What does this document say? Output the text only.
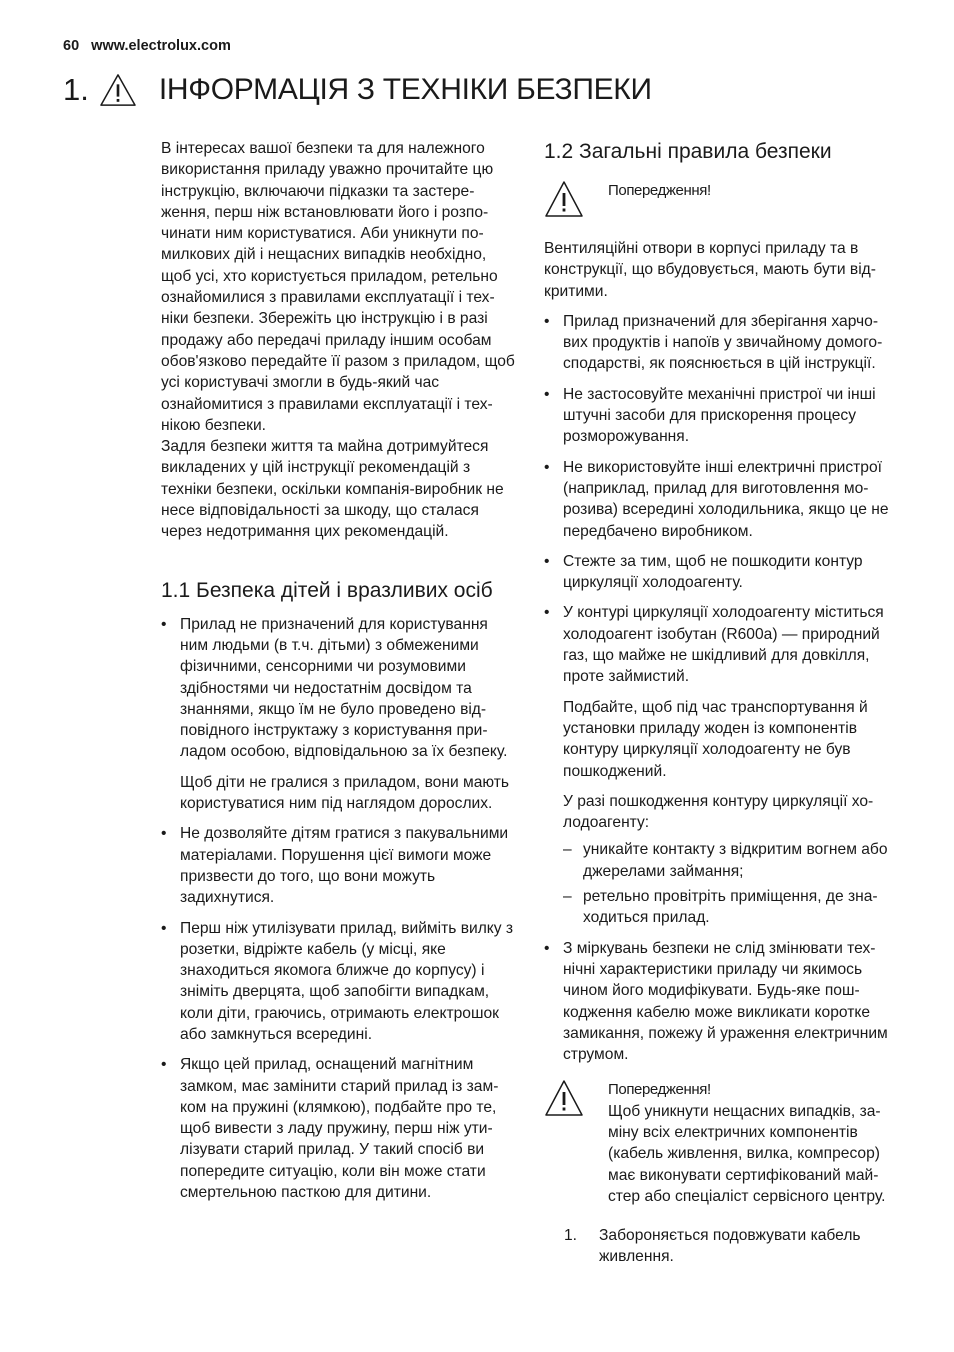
60 www.electrolux.com
1. ІНФОРМАЦІЯ З ТЕХНІКИ БЕЗПЕКИ

В інтересах вашої безпеки та для належного використання приладу уважно прочитайте цю інструкцію, включаючи підказки та застереження, перш ніж встановлювати його і розпочинати ним користуватися. Аби уникнути помилкових дій і нещасних випадків необхідно, щоб усі, хто користується приладом, ретельно ознайомилися з правилами експлуатації і техніки безпеки. Збережіть цю інструкцію і в разі продажу або передачі приладу іншим особам обов'язково передайте її разом з приладом, щоб усі користувачі змогли в будь-який час ознайомитися з правилами експлуатації і технікою безпеки.

Задля безпеки життя та майна дотримуйтеся викладених у цій інструкції рекомендацій з техніки безпеки, оскільки компанія-виробник не несе відповідальності за шкоду, що сталася через недотримання цих рекомендацій.

1.1 Безпека дітей і вразливих осіб

• Прилад не призначений для користування ним людьми (в т.ч. дітьми) з обмеженими фізичними, сенсорними чи розумовими здібностями чи недостатнім досвідом та знаннями, якщо їм не було проведено відповідного інструктажу з користування приладом особою, відповідальною за їх безпеку.

Щоб діти не гралися з приладом, вони мають користуватися ним під наглядом дорослих.

• Не дозволяйте дітям гратися з пакувальними матеріалами. Порушення цієї вимоги може призвести до того, що вони можуть задихнутися.

• Перш ніж утилізувати прилад, вийміть вилку з розетки, відріжте кабель (у місці, яке знаходиться якомога ближче до корпусу) і зніміть дверцята, щоб запобігти випадкам, коли діти, граючись, отримають електрошок або замкнуться всередині.

• Якщо цей прилад, оснащений магнітним замком, має замінити старий прилад із замком на пружині (клямкою), подбайте про те, щоб вивести з ладу пружину, перш ніж утилізувати старий прилад. У такий спосіб ви попередите ситуацію, коли він може стати смертельною пасткою для дитини.

1.2 Загальні правила безпеки
Попередження!

Вентиляційні отвори в корпусі приладу та в конструкції, що вбудовується, мають бути відкритими.

• Прилад призначений для зберігання харчових продуктів і напоїв у звичайному домогосподарстві, як пояснюється в цій інструкції.

• Не застосовуйте механічні пристрої чи інші штучні засоби для прискорення процесу розморожування.

• Не використовуйте інші електричні пристрої (наприклад, прилад для виготовлення морозива) всередині холодильника, якщо це не передбачено виробником.

• Стежте за тим, щоб не пошкодити контур циркуляції холодоагенту.

• У контурі циркуляції холодоагенту міститься холодоагент ізобутан (R600a) — природний газ, що майже не шкідливий для довкілля, проте займистий.

Подбайте, щоб під час транспортування й установки приладу жоден із компонентів контуру циркуляції холодоагенту не був пошкоджений.

У разі пошкодження контуру циркуляції холодоагенту:

– уникайте контакту з відкритим вогнем або джерелами займання;
– ретельно провітріть приміщення, де знаходиться прилад.

• З міркувань безпеки не слід змінювати технічні характеристики приладу чи якимось чином його модифікувати. Будь-яке пошкодження кабелю може викликати коротке замикання, пожежу й ураження електричним струмом.

Попередження!

Щоб уникнути нещасних випадків, заміну всіх електричних компонентів (кабель живлення, вилка, компресор) має виконувати сертифікований майстер або спеціаліст сервісного центру.

1. Забороняється подовжувати кабель живлення.
